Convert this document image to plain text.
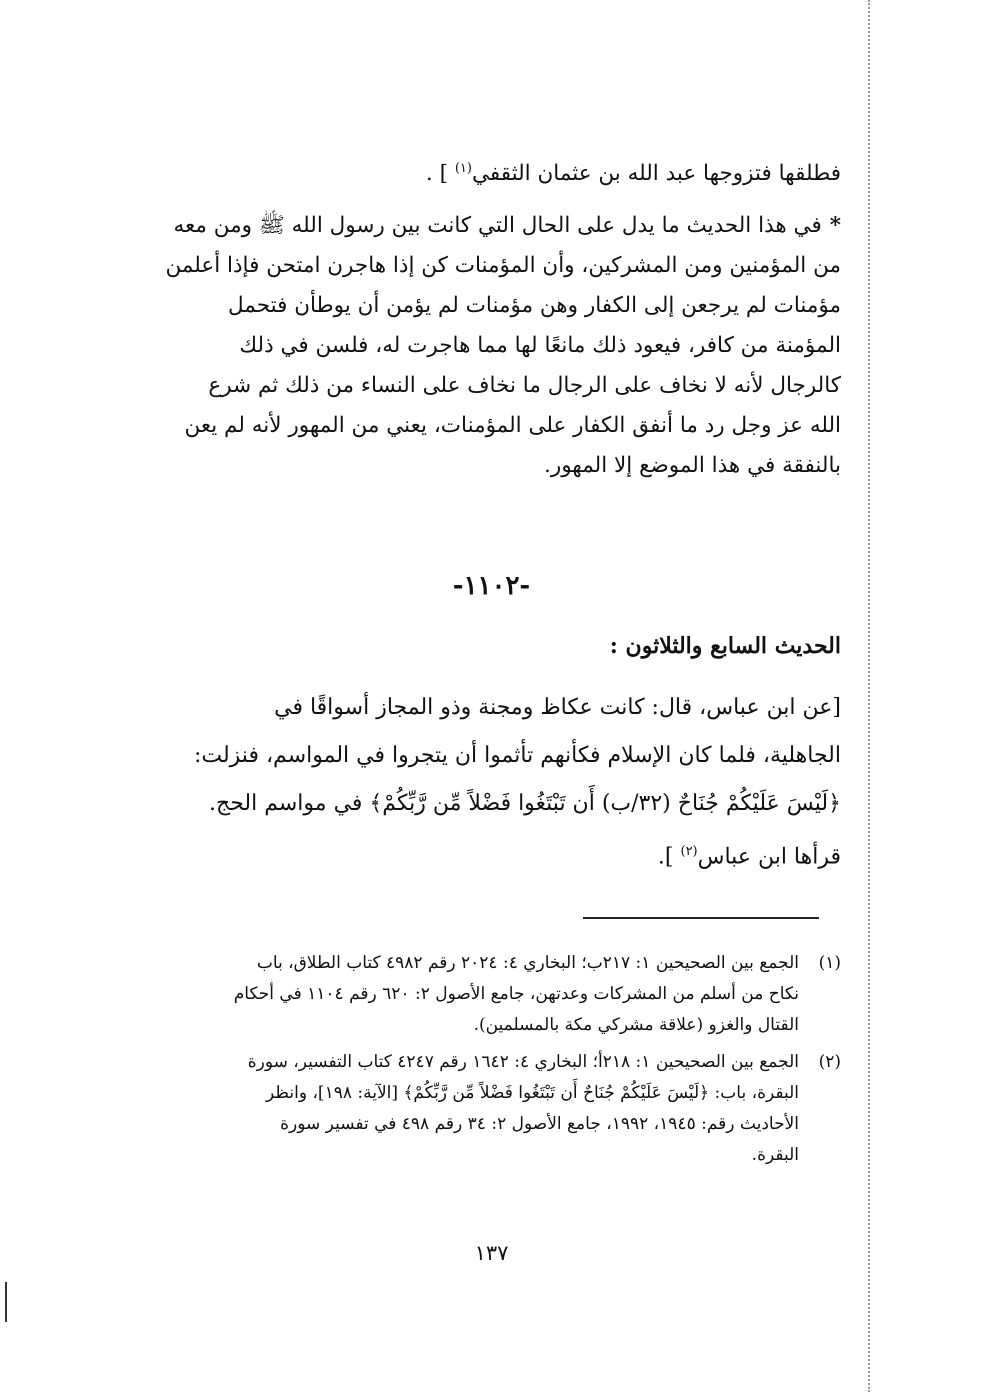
فطلقها فتزوجها عبد الله بن عثمان الثقفي$^{(١)}$ ] .
*في هذا الحديث ما يدل على الحال التي كانت بين رسول الله ﷺ ومن معه
من المؤمنين ومن المشركين، وأن المؤمنات كن إذا هاجرن امتحن فإذا أعلمن
مؤمنات لم يرجعن إلى الكفار وهن مؤمنات لم يؤمن أن يوطأن فتحمل
المؤمنة من كافر، فيعود ذلك مانعًا لها مما هاجرت له، فلسن في ذلك
كالرجال لأنه لا نخاف على الرجال ما نخاف على النساء من ذلك ثم شرع
الله عز وجل رد ما أنفق الكفار على المؤمنات، يعني من المهور لأنه لم يعن
بالنفقة في هذا الموضع إلا المهور.
-١١٠٢-
الحديث السابع والثلاثون :
[عن ابن عباس، قال: كانت عكاظ ومجنة وذو المجاز أسواقًا في
الجاهلية، فلما كان الإسلام فكأنهم تأثموا أن يتجروا في المواسم، فنزلت:
﴿لَيْسَ عَلَيْكُمْ جُنَاحٌ (٣٢/ب) أَن تَبْتَغُوا فَضْلاً مِّن رَّبِّكُمْ﴾ في مواسم الحج.
قرأها ابن عباس$^{(٢)}$ ].
(١)
الجمع بين الصحيحين ١: ٢١٧ب؛ البخاري ٤: ٢٠٢٤ رقم ٤٩٨٢ كتاب الطلاق، باب
نكاح من أسلم من المشركات وعدتهن، جامع الأصول ٢: ٦٢٠ رقم ١١٠٤ في أحكام
القتال والغزو (علاقة مشركي مكة بالمسلمين).
(٢)
الجمع بين الصحيحين ١: ٢١٨أ؛ البخاري ٤: ١٦٤٢ رقم ٤٢٤٧ كتاب التفسير، سورة
البقرة، باب: ﴿لَيْسَ عَلَيْكُمْ جُنَاحٌ أَن تَبْتَغُوا فَضْلاً مِّن رَّبِّكُمْ﴾ [الآية: ١٩٨]، وانظر
الأحاديث رقم: ١٩٤٥، ١٩٩٢، جامع الأصول ٢: ٣٤ رقم ٤٩٨ في تفسير سورة
البقرة.
١٣٧
